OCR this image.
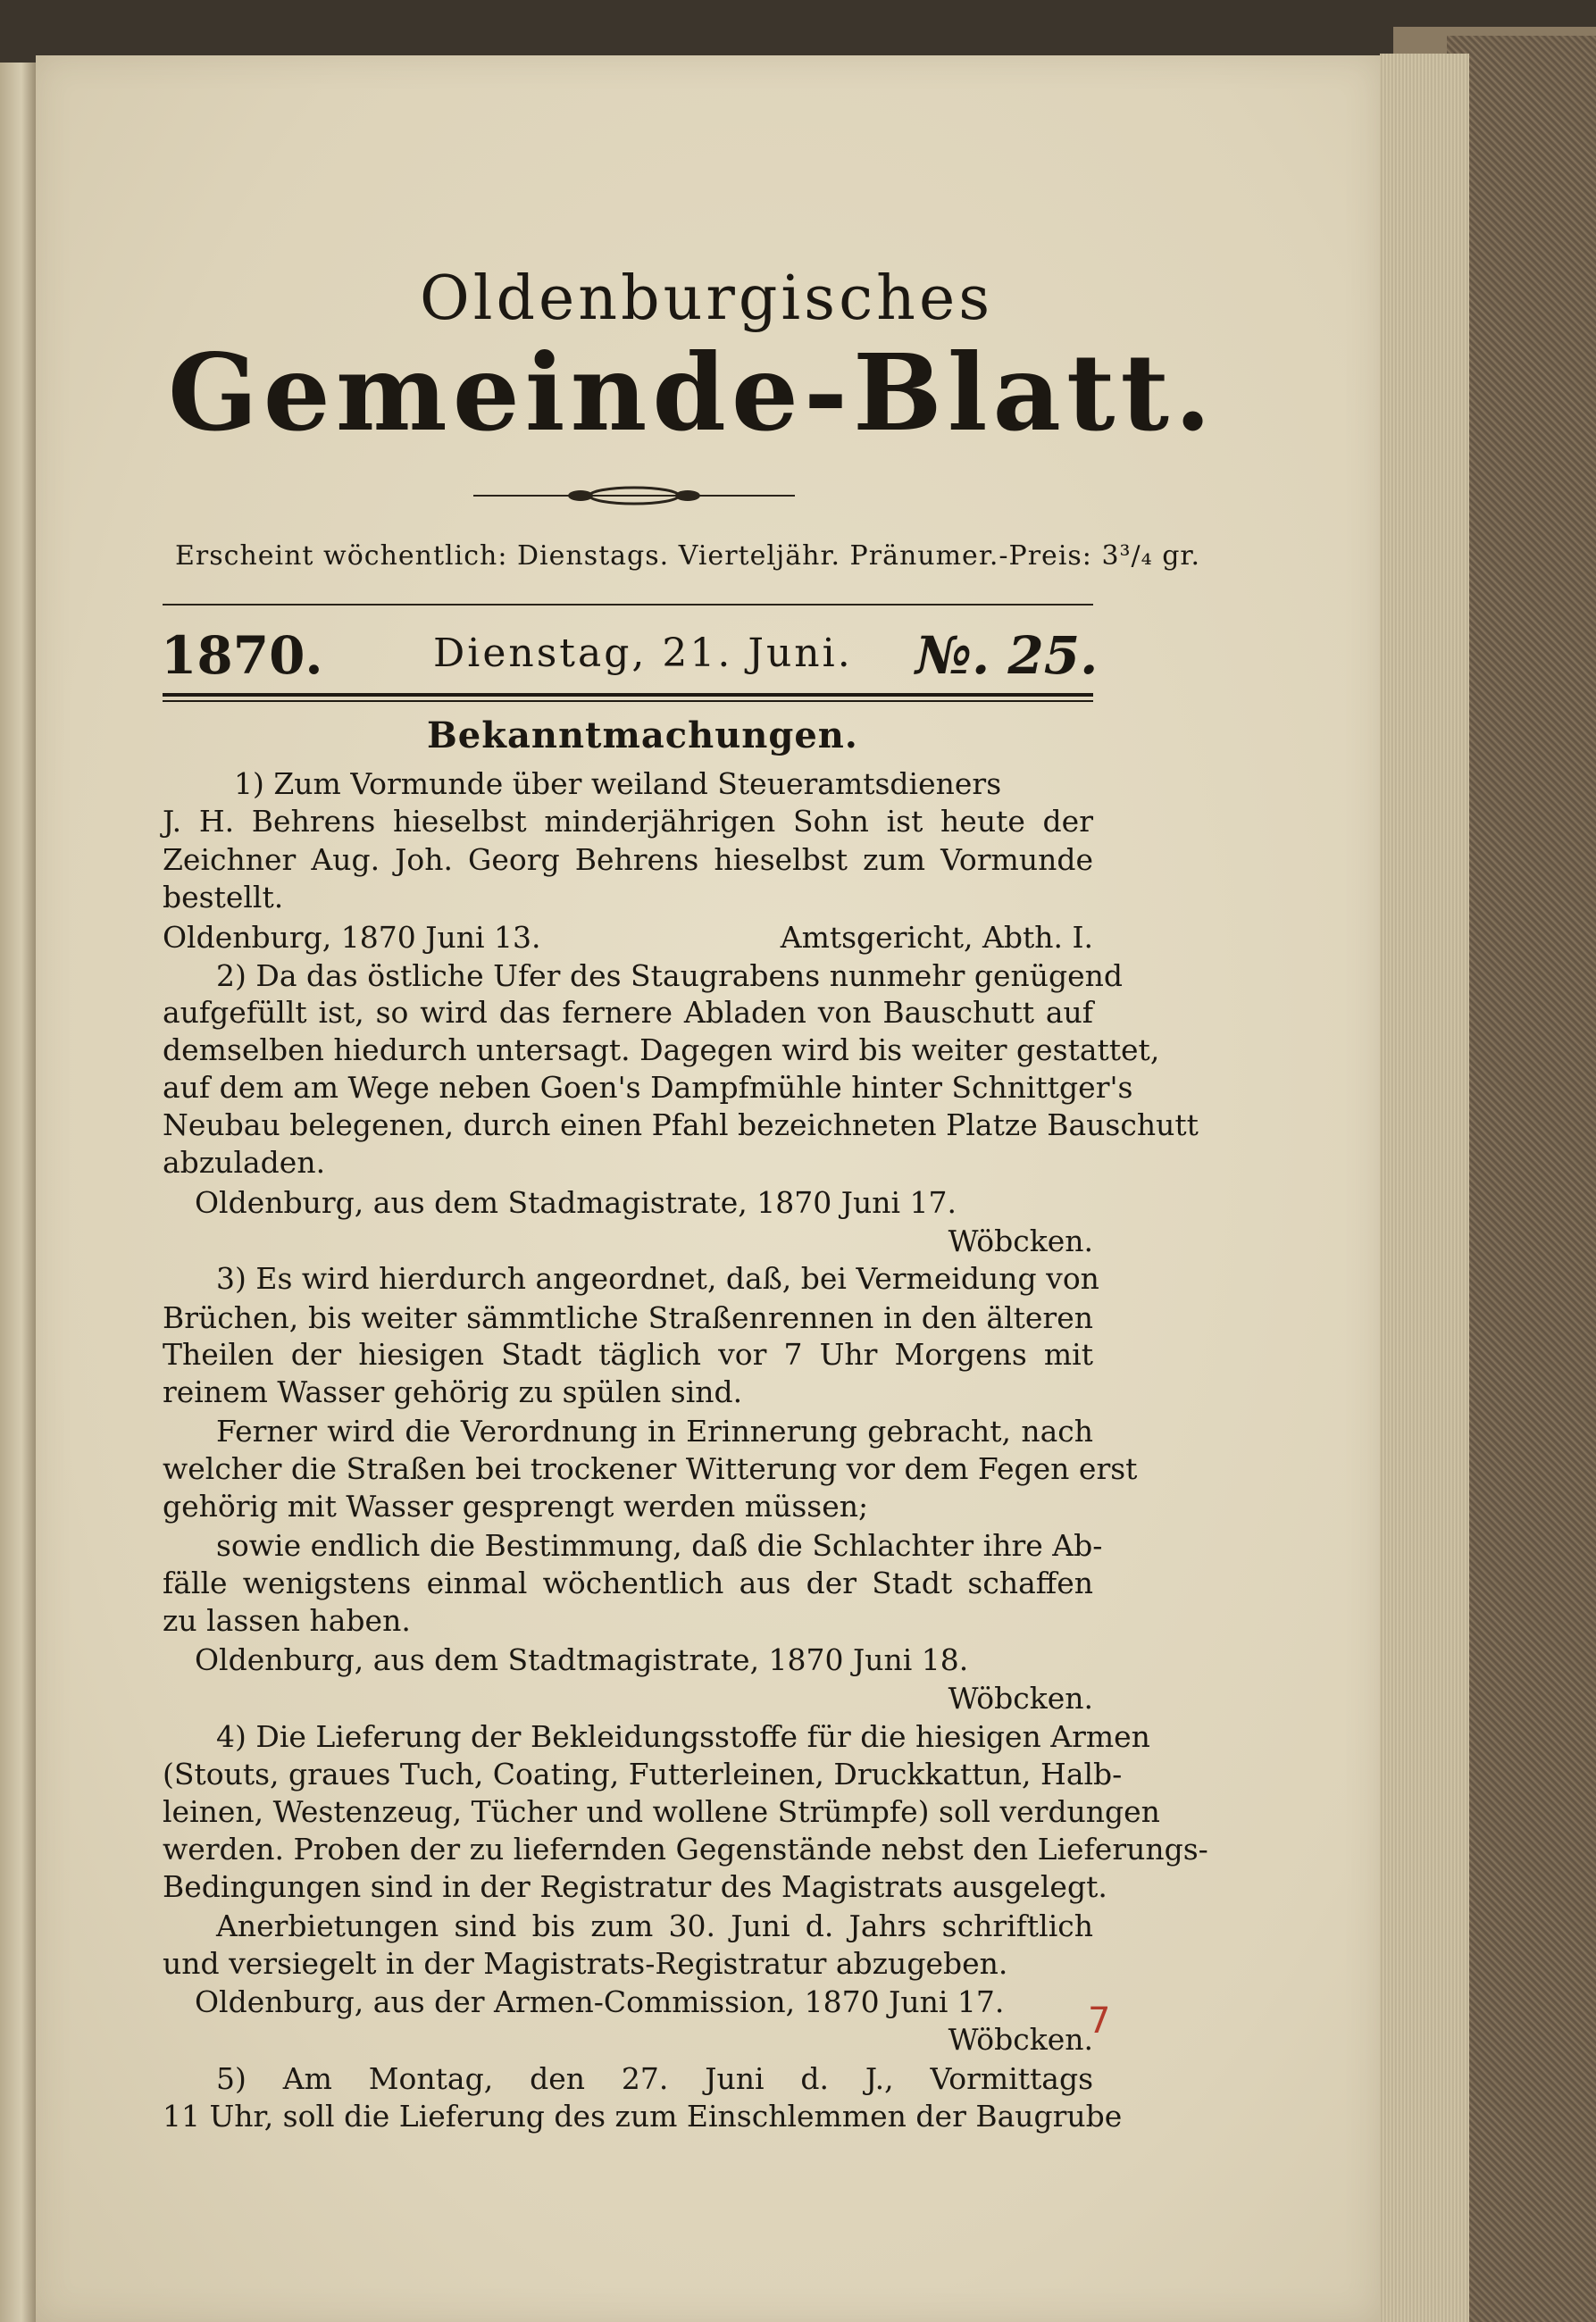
Oldenburgisches
Gemeinde-Blatt.
Erscheint wöchentlich: Dienstags. Vierteljähr. Pränumer.-Preis: 3³/₄ gr.
1870.	Dienstag, 21. Juni. №. 25.
Bekanntmachungen.
1) Zum Vormunde über weiland Steueramtsdieners
J. H. Behrens hieselbst minderjährigen Sohn ist heute der
Zeichner Aug. Joh. Georg Behrens hieselbst zum Vormunde
bestellt.
Oldenburg, 1870 Juni 13.	Amtsgericht, Abth. I.
2) Da das östliche Ufer des Staugrabens nunmehr genügend
aufgefüllt ist, so wird das fernere Abladen von Bauschutt auf
demselben hiedurch untersagt. Dagegen wird bis weiter gestattet,
auf dem am Wege neben Goen's Dampfmühle hinter Schnittger's
Neubau belegenen, durch einen Pfahl bezeichneten Platze Bauschutt
abzuladen.
Oldenburg, aus dem Stadmagistrate, 1870 Juni 17.
Wöbcken.
3) Es wird hierdurch angeordnet, daß, bei Vermeidung von
Brüchen, bis weiter sämmtliche Straßenrennen in den älteren
Theilen der hiesigen Stadt täglich vor 7 Uhr Morgens mit
reinem Wasser gehörig zu spülen sind.
Ferner wird die Verordnung in Erinnerung gebracht, nach
welcher die Straßen bei trockener Witterung vor dem Fegen erst
gehörig mit Wasser gesprengt werden müssen;
sowie endlich die Bestimmung, daß die Schlachter ihre Ab-
fälle wenigstens einmal wöchentlich aus der Stadt schaffen
zu lassen haben.
Oldenburg, aus dem Stadtmagistrate, 1870 Juni 18.
Wöbcken.
4) Die Lieferung der Bekleidungsstoffe für die hiesigen Armen
(Stouts, graues Tuch, Coating, Futterleinen, Druckkattun, Halb-
leinen, Westenzeug, Tücher und wollene Strümpfe) soll verdungen
werden. Proben der zu liefernden Gegenstände nebst den Lieferungs-
Bedingungen sind in der Registratur des Magistrats ausgelegt.
Anerbietungen sind bis zum 30. Juni d. Jahrs schriftlich
und versiegelt in der Magistrats-Registratur abzugeben.
Oldenburg, aus der Armen-Commission, 1870 Juni 17.
Wöbcken.
5) Am Montag, den 27. Juni d. J., Vormittags
11 Uhr, soll die Lieferung des zum Einschlemmen der Baugrube
7
